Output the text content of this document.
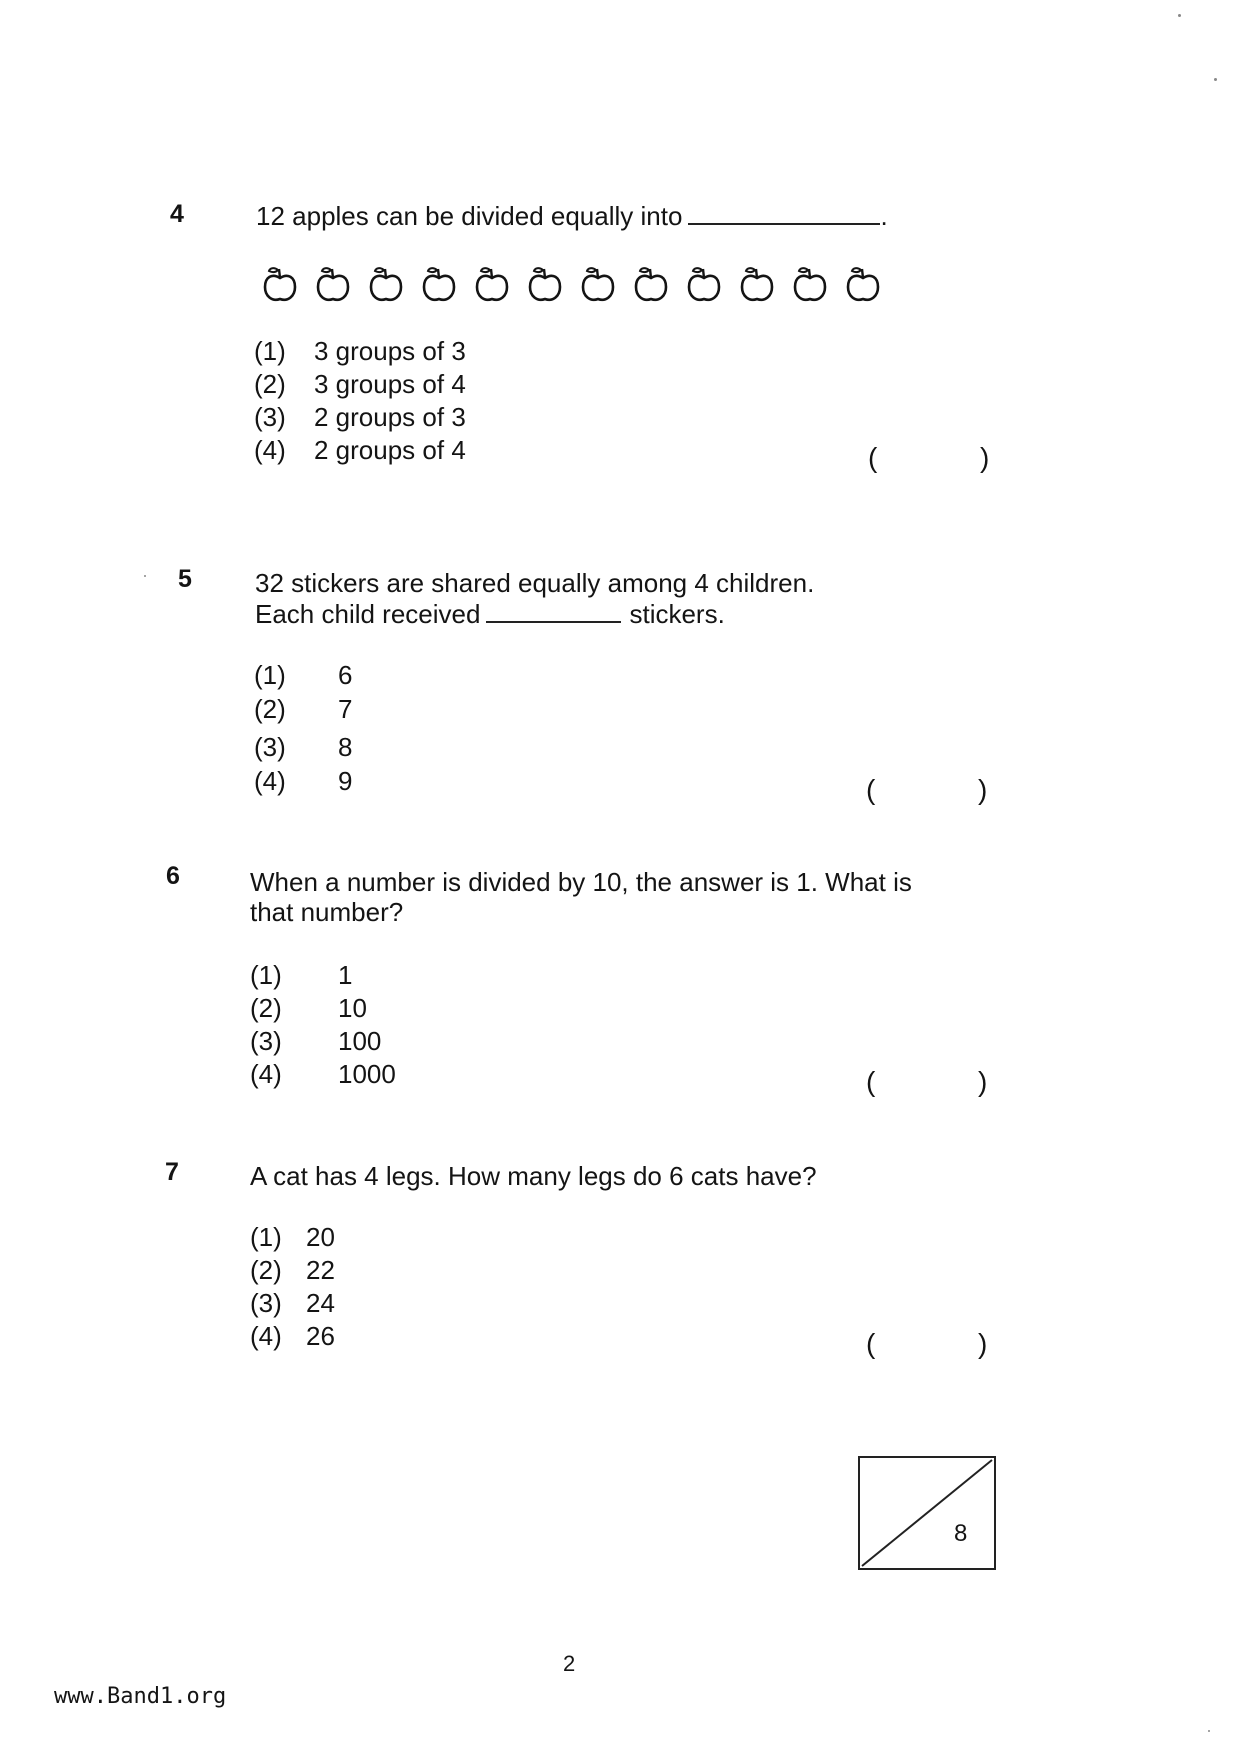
4	12 apples can be divided equally into	.
(1) 3 groups of 3
(2) 3 groups of 4
(3) 2 groups of 3
(4) 2 groups of 4	(	)
5 32 stickers are shared equally among 4 children.
Each child received	stickers.
(1) 6
(2) 7
(3) 8
(4) 9	(	)
6	When a number is divided by 10, the answer is 1. What is
that number?
(1) 1
(2) 10
(3) 100
(4) 1000	(	)
7	A cat has 4 legs. How many legs do 6 cats have?
(1) 20
(2) 22
(3) 24
(4) 26	(	)
8
2
www.Band1.org
